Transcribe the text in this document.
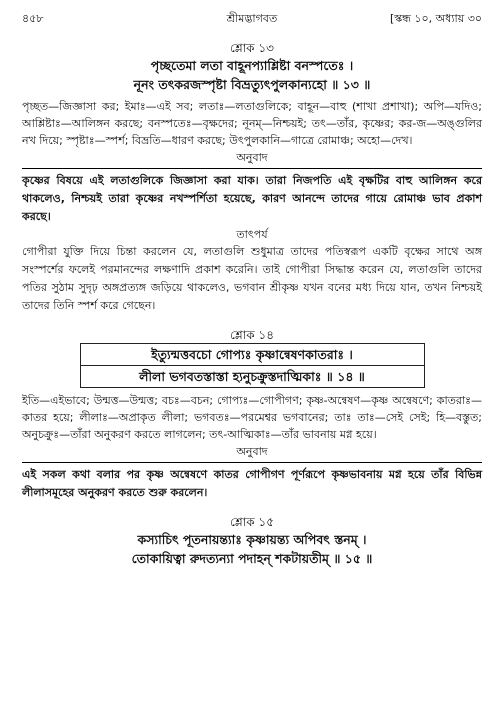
৪৫৮	শ্রীমদ্ভাগবত	[স্কন্ধ ১০, অধ্যায় ৩০
শ্লোক ১৩
পৃচ্ছতেমা লতা বাহূনপ্যাশ্লিষ্টা বনস্পতেঃ ।
নূনং তৎকরজস্পৃষ্টা বিভ্রত্যুৎপুলকান্যহো ॥ ১৩ ॥
পৃচ্ছত—জিজ্ঞাসা কর; ইমাঃ—এই সব; লতাঃ—লতাগুলিকে; বাহূন—বাহু (শাখা প্রশাখা); অপি—যদিও; আশ্লিষ্টাঃ—আলিঙ্গন করছে; বনস্পতেঃ—বৃক্ষদের; নূনম্—নিশ্চয়ই; তৎ—তাঁর, কৃষ্ণের; কর-জ—অঙ্গুলির নখ দিয়ে; স্পৃষ্টাঃ—স্পর্শ; বিভ্রতি—ধারণ করছে; উৎপুলকানি—গাত্রে রোমাঞ্চ; অহো—দেখ।
অনুবাদ
কৃষ্ণের বিষয়ে এই লতাগুলিকে জিজ্ঞাসা করা যাক। তারা নিজপতি এই বৃক্ষটির বাহু আলিঙ্গন করে থাকলেও, নিশ্চয়ই তারা কৃষ্ণের নখস্পর্শিতা হয়েছে, কারণ আনন্দে তাদের গায়ে রোমাঞ্চ ভাব প্রকাশ করছে।
তাৎপর্য
গোপীরা যুক্তি দিয়ে চিন্তা করলেন যে, লতাগুলি শুধুমাত্র তাদের পতিস্বরূপ একটি বৃক্ষের সাথে অঙ্গ সংস্পর্শের ফলেই পরমানন্দের লক্ষণাদি প্রকাশ করেনি। তাই গোপীরা সিদ্ধান্ত করেন যে, লতাগুলি তাদের পতির সুঠাম সুদৃঢ় অঙ্গপ্রত্যঙ্গ জড়িয়ে থাকলেও, ভগবান শ্রীকৃষ্ণ যখন বনের মধ্য দিয়ে যান, তখন নিশ্চয়ই তাদের তিনি স্পর্শ করে গেছেন।
শ্লোক ১৪
ইত্যুন্মত্তবচো গোপ্যঃ কৃষ্ণান্বেষণকাতরাঃ ।
লীলা ভগবতস্তাস্তা হ্যনুচক্রুস্তদাত্মিকাঃ ॥ ১৪ ॥
ইতি—এইভাবে; উন্মত্ত—উন্মত্ত; বচঃ—বচন; গোপ্যঃ—গোপীগণ; কৃষ্ণ-অন্বেষণ—কৃষ্ণ অন্বেষণে; কাতরাঃ—কাতর হয়ে; লীলাঃ—অপ্রাকৃত লীলা; ভগবতঃ—পরমেশ্বর ভগবানের; তাঃ তাঃ—সেই সেই; হি—বস্তুত; অনুচক্রুঃ—তাঁরা অনুকরণ করতে লাগলেন; তৎ-আত্মিকাঃ—তাঁর ভাবনায় মগ্ন হয়ে।
অনুবাদ
এই সকল কথা বলার পর কৃষ্ণ অন্বেষণে কাতর গোপীগণ পূর্ণরূপে কৃষ্ণভাবনায় মগ্ন হয়ে তাঁর বিভিন্ন লীলাসমূহের অনুকরণ করতে শুরু করলেন।
শ্লোক ১৫
কস্যাচিৎ পূতনায়ন্ত্যাঃ কৃষ্ণায়ন্ত্য অপিবৎ স্তনম্ ।
তোকায়িত্বা রুদত্যন্যা পদাহন্ শকটায়তীম্ ॥ ১৫ ॥
